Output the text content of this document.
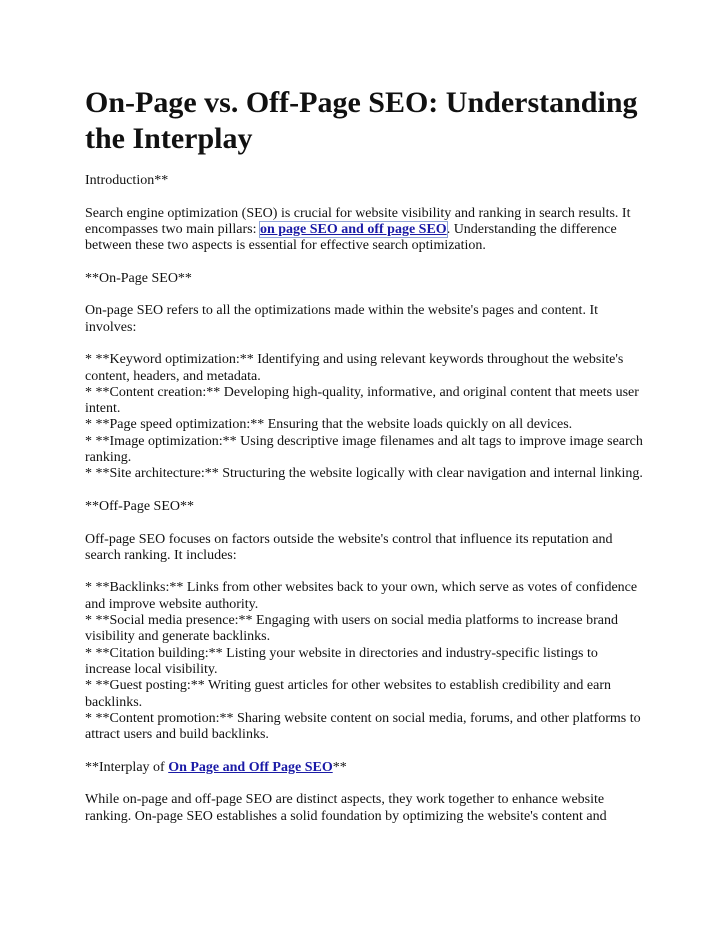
On-Page vs. Off-Page SEO: Understanding the Interplay

Introduction**

Search engine optimization (SEO) is crucial for website visibility and ranking in search results. It encompasses two main pillars: on page SEO and off page SEO. Understanding the difference between these two aspects is essential for effective search optimization.

**On-Page SEO**

On-page SEO refers to all the optimizations made within the website's pages and content. It involves:

* **Keyword optimization:** Identifying and using relevant keywords throughout the website's content, headers, and metadata.

* **Content creation:** Developing high-quality, informative, and original content that meets user intent.

* **Page speed optimization:** Ensuring that the website loads quickly on all devices.

* **Image optimization:** Using descriptive image filenames and alt tags to improve image search ranking.

* **Site architecture:** Structuring the website logically with clear navigation and internal linking.

**Off-Page SEO**

Off-page SEO focuses on factors outside the website's control that influence its reputation and search ranking. It includes:

* **Backlinks:** Links from other websites back to your own, which serve as votes of confidence and improve website authority.

* **Social media presence:** Engaging with users on social media platforms to increase brand visibility and generate backlinks.

* **Citation building:** Listing your website in directories and industry-specific listings to increase local visibility.

* **Guest posting:** Writing guest articles for other websites to establish credibility and earn backlinks.

* **Content promotion:** Sharing website content on social media, forums, and other platforms to attract users and build backlinks.

**Interplay of On Page and Off Page SEO**

While on-page and off-page SEO are distinct aspects, they work together to enhance website ranking. On-page SEO establishes a solid foundation by optimizing the website's content and
